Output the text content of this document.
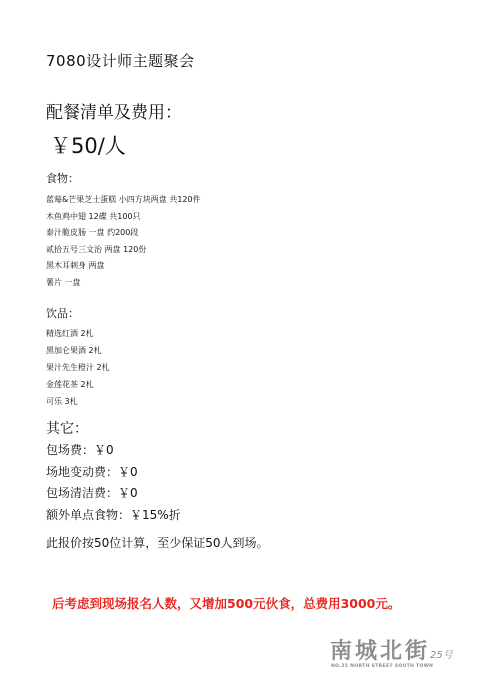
7080设计师主题聚会
配餐清单及费用：
￥50/人
食物：
蓝莓&芒果芝士蛋糕 小四方块两盘 共120件
木鱼鸡中翅 12碟 共100只
泰汁脆皮肠 一盘 约200段
贰拾五号三文治 两盘 120份
黑木耳刺身 两盘
薯片 一盘
饮品：
精选红酒 2札
黑加仑果酒 2札
果汁先生橙汁 2札
金莲花茶 2札
可乐 3札
其它：
包场费：￥0
场地变动费：￥0
包场清洁费：￥0
额外单点食物：￥15%折
此报价按50位计算，至少保证50人到场。
后考虑到现场报名人数，又增加500元伙食，总费用3000元。
南城北街 25号
NO.25 NORTH STREET SOUTH TOWN
